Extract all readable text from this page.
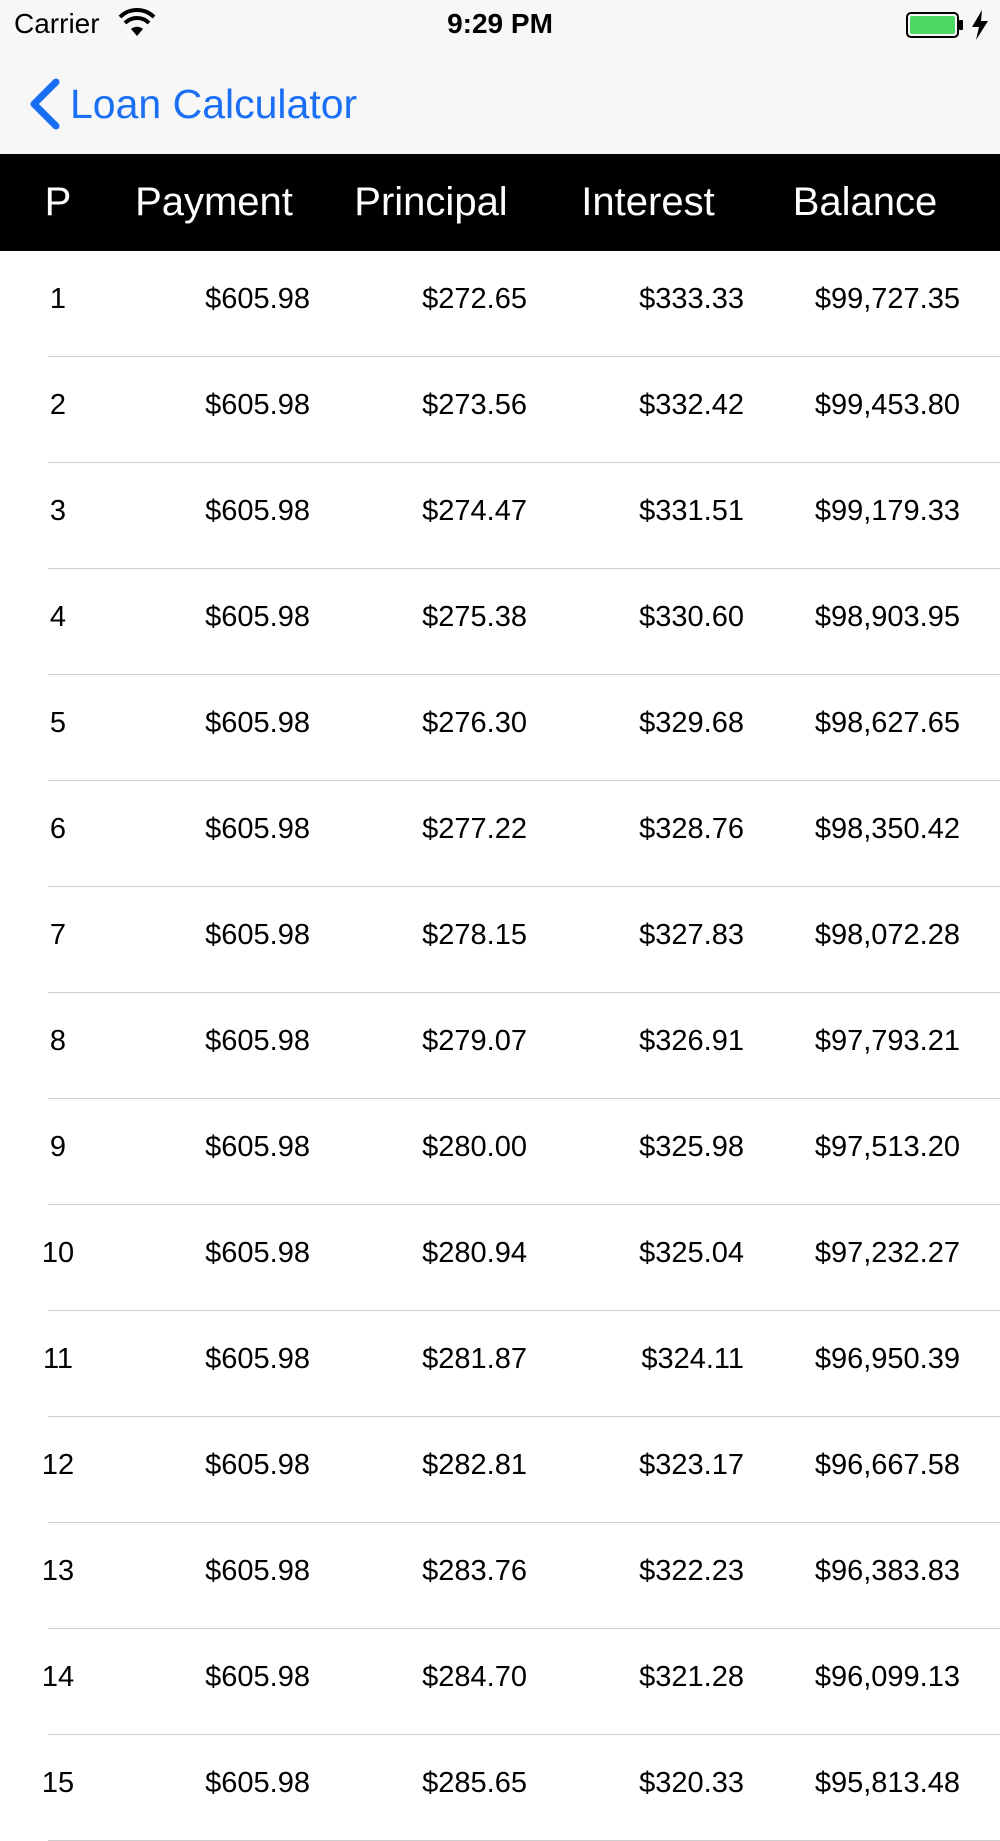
Carrier	9:29 PM
Loan Calculator
P	Payment	Principal	Interest	Balance
1	$605.98	$272.65	$333.33	$99,727.35
2	$605.98	$273.56	$332.42	$99,453.80
3	$605.98	$274.47	$331.51	$99,179.33
4	$605.98	$275.38	$330.60	$98,903.95
5	$605.98	$276.30	$329.68	$98,627.65
6	$605.98	$277.22	$328.76	$98,350.42
7	$605.98	$278.15	$327.83	$98,072.28
8	$605.98	$279.07	$326.91	$97,793.21
9	$605.98	$280.00	$325.98	$97,513.20
10	$605.98	$280.94	$325.04	$97,232.27
11	$605.98	$281.87	$324.11	$96,950.39
12	$605.98	$282.81	$323.17	$96,667.58
13	$605.98	$283.76	$322.23	$96,383.83
14	$605.98	$284.70	$321.28	$96,099.13
15	$605.98	$285.65	$320.33	$95,813.48
